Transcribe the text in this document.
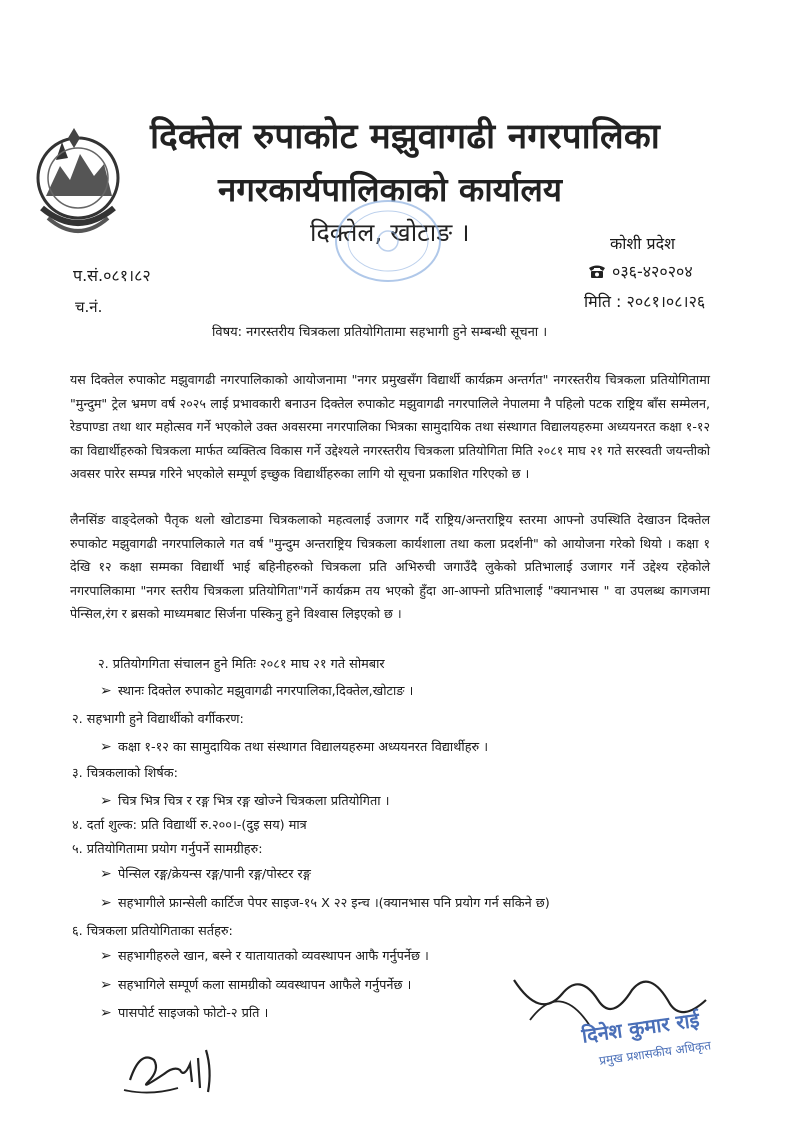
दिक्तेल रुपाकोट मझुवागढी नगरपालिका
नगरकार्यपालिकाको कार्यालय
दिक्तेल, खोटाङ ।	कोशी प्रदेश
०३६-४२०२०४
मिति : २०८१।०८।२६
प.सं.०८१।८२
च.नं.
विषय: नगरस्तरीय चित्रकला प्रतियोगितामा सहभागी हुने सम्बन्धी सूचना ।
यस दिक्तेल रुपाकोट मझुवागढी नगरपालिकाको आयोजनामा "नगर प्रमुखसँग विद्यार्थी कार्यक्रम अन्तर्गत" नगरस्तरीय चित्रकला प्रतियोगितामा "मुन्दुम" ट्रेल भ्रमण वर्ष २०२५ लाई प्रभावकारी बनाउन दिक्तेल रुपाकोट मझुवागढी नगरपालिले नेपालमा नै पहिलो पटक राष्ट्रिय बाँस सम्मेलन, रेडपाण्डा तथा थार महोत्सव गर्ने भएकोले उक्त अवसरमा नगरपालिका भित्रका सामुदायिक तथा संस्थागत विद्यालयहरुमा अध्ययनरत कक्षा १-१२ का विद्यार्थीहरुको चित्रकला मार्फत व्यक्तित्व विकास गर्ने उद्देश्यले नगरस्तरीय चित्रकला प्रतियोगिता मिति २०८१ माघ २१ गते सरस्वती जयन्तीको अवसर पारेर सम्पन्न गरिने भएकोले सम्पूर्ण इच्छुक विद्यार्थीहरुका लागि यो सूचना प्रकाशित गरिएको छ ।
लैनसिंङ वाङ्देलको पैतृक थलो खोटाङमा चित्रकलाको महत्वलाई उजागर गर्दै राष्ट्रिय/अन्तराष्ट्रिय स्तरमा आफ्नो उपस्थिति देखाउन दिक्तेल रुपाकोट मझुवागढी नगरपालिकाले गत वर्ष "मुन्दुम अन्तराष्ट्रिय चित्रकला कार्यशाला तथा कला प्रदर्शनी" को आयोजना गरेको थियो । कक्षा १ देखि १२ कक्षा सम्मका विद्यार्थी भाई बहिनीहरुको चित्रकला प्रति अभिरुची जगाउँदै लुकेको प्रतिभालाई उजागर गर्ने उद्देश्य रहेकोले नगरपालिकामा "नगर स्तरीय चित्रकला प्रतियोगिता"गर्ने कार्यक्रम तय भएको हुँदा आ-आफ्नो प्रतिभालाई "क्यानभास " वा उपलब्ध कागजमा पेन्सिल,रंग र ब्रसको माध्यमबाट सिर्जना पस्किनु हुने विश्वास लिइएको छ ।
२. प्रतियोगगिता संचालन हुने मितिः २०८१ माघ २१ गते सोमबार
➢ स्थानः दिक्तेल रुपाकोट मझुवागढी नगरपालिका,दिक्तेल,खोटाङ ।
२. सहभागी हुने विद्यार्थीको वर्गीकरण:
➢ कक्षा १-१२ का सामुदायिक तथा संस्थागत विद्यालयहरुमा अध्ययनरत विद्यार्थीहरु ।
३. चित्रकलाको शिर्षक:
➢ चित्र भित्र चित्र र रङ्ग भित्र रङ्ग खोज्ने चित्रकला प्रतियोगिता ।
४. दर्ता शुल्क: प्रति विद्यार्थी रु.२००।-(दुइ सय) मात्र
५. प्रतियोगितामा प्रयोग गर्नुपर्ने सामग्रीहरु:
➢ पेन्सिल रङ्ग/क्रेयन्स रङ्ग/पानी रङ्ग/पोस्टर रङ्ग
➢ सहभागीले फ्रान्सेली कार्टिज पेपर साइज-१५ X २२ इन्च ।(क्यानभास पनि प्रयोग गर्न सकिने छ)
६. चित्रकला प्रतियोगिताका सर्तहरु:
➢ सहभागीहरुले खान, बस्ने र यातायातको व्यवस्थापन आफै गर्नुपर्नेछ ।
➢ सहभागिले सम्पूर्ण कला सामग्रीको व्यवस्थापन आफैले गर्नुपर्नेछ ।
➢ पासपोर्ट साइजको फोटो-२ प्रति ।	दिनेश कुमार राई
प्रमुख प्रशासकीय अधिकृत
